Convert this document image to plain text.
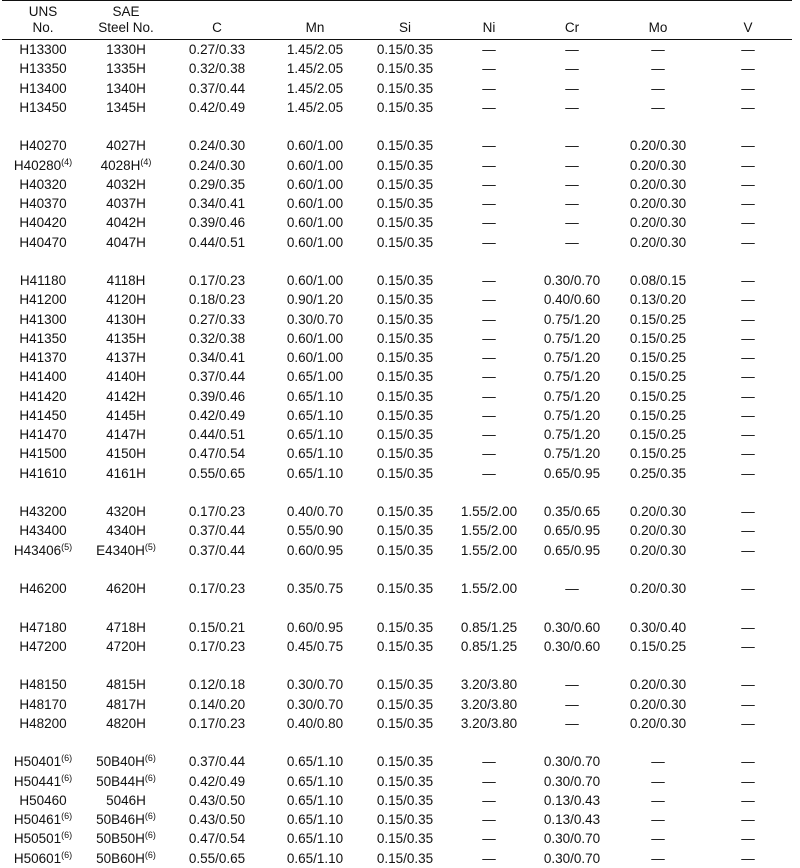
UNS	SAE							
No.	Steel No.	C	Mn	Si	Ni	Cr	Mo	V
H13300	1330H	0.27/0.33	1.45/2.05	0.15/0.35	—	—	—	—
H13350	1335H	0.32/0.38	1.45/2.05	0.15/0.35	—	—	—	—
H13400	1340H	0.37/0.44	1.45/2.05	0.15/0.35	—	—	—	—
H13450	1345H	0.42/0.49	1.45/2.05	0.15/0.35	—	—	—	—

H40270	4027H	0.24/0.30	0.60/1.00	0.15/0.35	—	—	0.20/0.30	—
H40280$^{(4)}$	$4028H^{(4)}$	0.24/0.30	0.60/1.00	0.15/0.35	—	—	0.20/0.30	—
H40320	4032H	0.29/0.35	0.60/1.00	0.15/0.35	—	—	0.20/0.30	—
H40370	4037H	0.34/0.41	0.60/1.00	0.15/0.35	—	—	0.20/0.30	—
H40420	4042H	0.39/0.46	0.60/1.00	0.15/0.35	—	—	0.20/0.30	—
H40470	4047H	0.44/0.51	0.60/1.00	0.15/0.35	—	—	0.20/0.30	—

H41180	4118H	0.17/0.23	0.60/1.00	0.15/0.35	—	0.30/0.70	0.08/0.15	—
H41200	4120H	0.18/0.23	0.90/1.20	0.15/0.35	—	0.40/0.60	0.13/0.20	—
H41300	4130H	0.27/0.33	0.30/0.70	0.15/0.35	—	0.75/1.20	0.15/0.25	—
H41350	4135H	0.32/0.38	0.60/1.00	0.15/0.35	—	0.75/1.20	0.15/0.25	—
H41370	4137H	0.34/0.41	0.60/1.00	0.15/0.35	—	0.75/1.20	0.15/0.25	—
H41400	4140H	0.37/0.44	0.65/1.00	0.15/0.35	—	0.75/1.20	0.15/0.25	—
H41420	4142H	0.39/0.46	0.65/1.10	0.15/0.35	—	0.75/1.20	0.15/0.25	—
H41450	4145H	0.42/0.49	0.65/1.10	0.15/0.35	—	0.75/1.20	0.15/0.25	—
H41470	4147H	0.44/0.51	0.65/1.10	0.15/0.35	—	0.75/1.20	0.15/0.25	—
H41500	4150H	0.47/0.54	0.65/1.10	0.15/0.35	—	0.75/1.20	0.15/0.25	—
H41610	4161H	0.55/0.65	0.65/1.10	0.15/0.35	—	0.65/0.95	0.25/0.35	—

H43200	4320H	0.17/0.23	0.40/0.70	0.15/0.35	1.55/2.00	0.35/0.65	0.20/0.30	—
H43400	4340H	0.37/0.44	0.55/0.90	0.15/0.35	1.55/2.00	0.65/0.95	0.20/0.30	—
H43406$^{(5)}$	$E4340H^{(5)}$	0.37/0.44	0.60/0.95	0.15/0.35	1.55/2.00	0.65/0.95	0.20/0.30	—

H46200	4620H	0.17/0.23	0.35/0.75	0.15/0.35	1.55/2.00	—	0.20/0.30	—

H47180	4718H	0.15/0.21	0.60/0.95	0.15/0.35	0.85/1.25	0.30/0.60	0.30/0.40	—
H47200	4720H	0.17/0.23	0.45/0.75	0.15/0.35	0.85/1.25	0.30/0.60	0.15/0.25	—

H48150	4815H	0.12/0.18	0.30/0.70	0.15/0.35	3.20/3.80	—	0.20/0.30	—
H48170	4817H	0.14/0.20	0.30/0.70	0.15/0.35	3.20/3.80	—	0.20/0.30	—
H48200	4820H	0.17/0.23	0.40/0.80	0.15/0.35	3.20/3.80	—	0.20/0.30	—

H50401$^{(6)}$	$50B40H^{(6)}$	0.37/0.44	0.65/1.10	0.15/0.35	—	0.30/0.70	—	—
H50441$^{(6)}$	$50B44H^{(6)}$	0.42/0.49	0.65/1.10	0.15/0.35	—	0.30/0.70	—	—
H50460	5046H	0.43/0.50	0.65/1.10	0.15/0.35	—	0.13/0.43	—	—
H50461$^{(6)}$	$50B46H^{(6)}$	0.43/0.50	0.65/1.10	0.15/0.35	—	0.13/0.43	—	—
H50501$^{(6)}$	$50B50H^{(6)}$	0.47/0.54	0.65/1.10	0.15/0.35	—	0.30/0.70	—	—
H50601$^{(6)}$	$50B60H^{(6)}$	0.55/0.65	0.65/1.10	0.15/0.35	—	0.30/0.70	—	—
